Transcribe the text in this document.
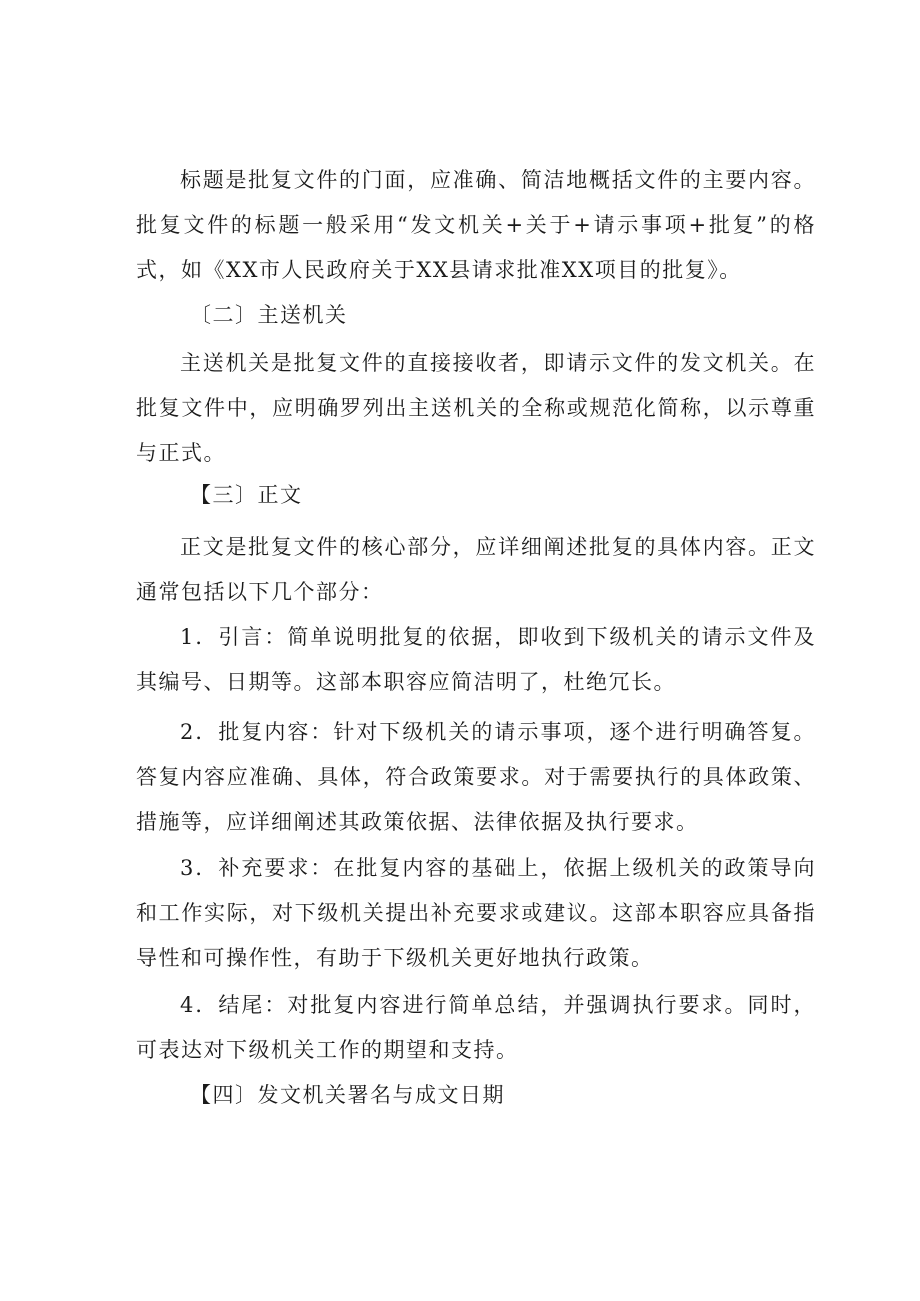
标题是批复文件的门面，应准确、简洁地概括文件的主要内容。批复文件的标题一般采用“发文机关+关于+请示事项+批复”的格式，如《XX市人民政府关于XX县请求批准XX项目的批复》。

〔二〕主送机关

主送机关是批复文件的直接接收者，即请示文件的发文机关。在批复文件中，应明确罗列出主送机关的全称或规范化简称，以示尊重与正式。

【三〕正文

正文是批复文件的核心部分，应详细阐述批复的具体内容。正文通常包括以下几个部分：

1．引言：简单说明批复的依据，即收到下级机关的请示文件及其编号、日期等。这部本职容应简洁明了，杜绝冗长。

2．批复内容：针对下级机关的请示事项，逐个进行明确答复。答复内容应准确、具体，符合政策要求。对于需要执行的具体政策、措施等，应详细阐述其政策依据、法律依据及执行要求。

3．补充要求：在批复内容的基础上，依据上级机关的政策导向和工作实际，对下级机关提出补充要求或建议。这部本职容应具备指导性和可操作性，有助于下级机关更好地执行政策。

4．结尾：对批复内容进行简单总结，并强调执行要求。同时，可表达对下级机关工作的期望和支持。

【四〕发文机关署名与成文日期
